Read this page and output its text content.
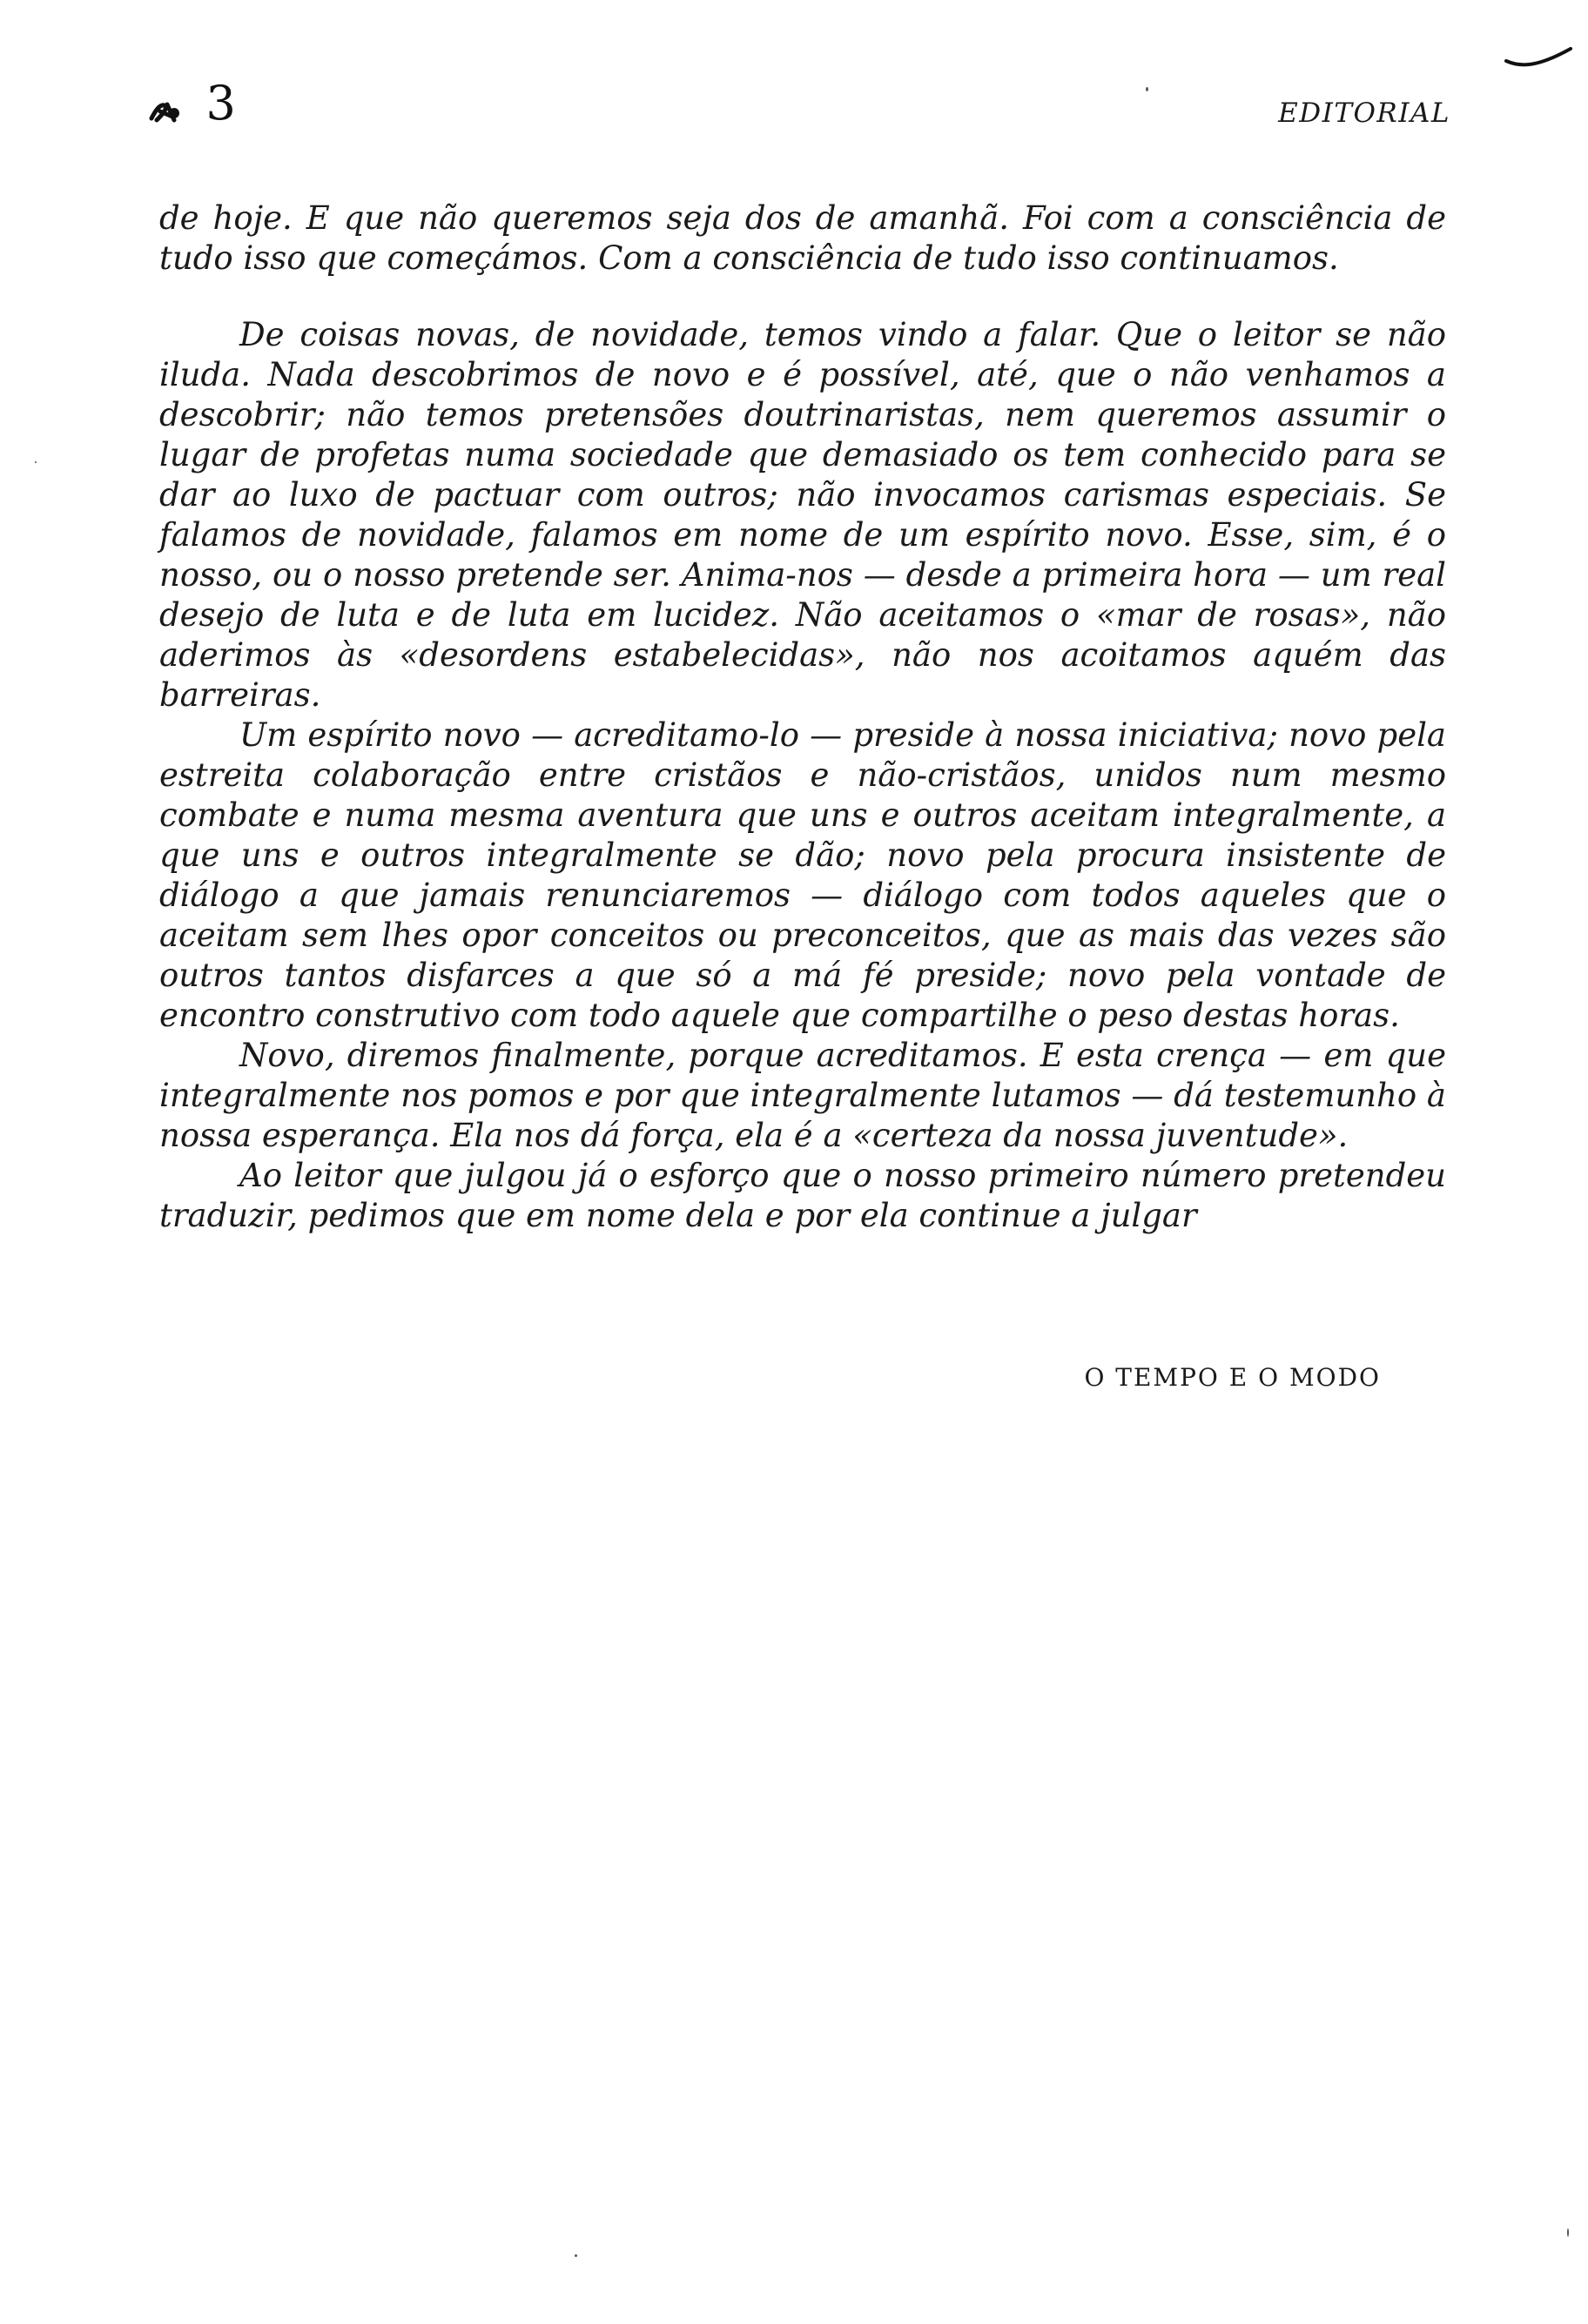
3	EDITORIAL

de hoje. E que não queremos seja dos de amanhã. Foi com a consciência de tudo isso que começámos. Com a consciência de tudo isso continuamos.

De coisas novas, de novidade, temos vindo a falar. Que o leitor se não iluda. Nada descobrimos de novo e é possível, até, que o não venhamos a descobrir; não temos pretensões doutrinaristas, nem queremos assumir o lugar de profetas numa sociedade que demasiado os tem conhecido para se dar ao luxo de pactuar com outros; não invocamos carismas especiais. Se falamos de novidade, falamos em nome de um espírito novo. Esse, sim, é o nosso, ou o nosso pretende ser. Anima-nos — desde a primeira hora — um real desejo de luta e de luta em lucidez. Não aceitamos o «mar de rosas», não aderimos às «desordens estabelecidas», não nos acoitamos aquém das barreiras.

Um espírito novo — acreditamo-lo — preside à nossa iniciativa; novo pela estreita colaboração entre cristãos e não-cristãos, unidos num mesmo combate e numa mesma aventura que uns e outros aceitam integralmente, a que uns e outros integralmente se dão; novo pela procura insistente de diálogo a que jamais renunciaremos — diálogo com todos aqueles que o aceitam sem lhes opor conceitos ou preconceitos, que as mais das vezes são outros tantos disfarces a que só a má fé preside; novo pela vontade de encontro construtivo com todo aquele que compartilhe o peso destas horas.

Novo, diremos finalmente, porque acreditamos. E esta crença — em que integralmente nos pomos e por que integralmente lutamos — dá testemunho à nossa esperança. Ela nos dá força, ela é a «certeza da nossa juventude».

Ao leitor que julgou já o esforço que o nosso primeiro número pretendeu traduzir, pedimos que em nome dela e por ela continue a julgar

O TEMPO E O MODO
